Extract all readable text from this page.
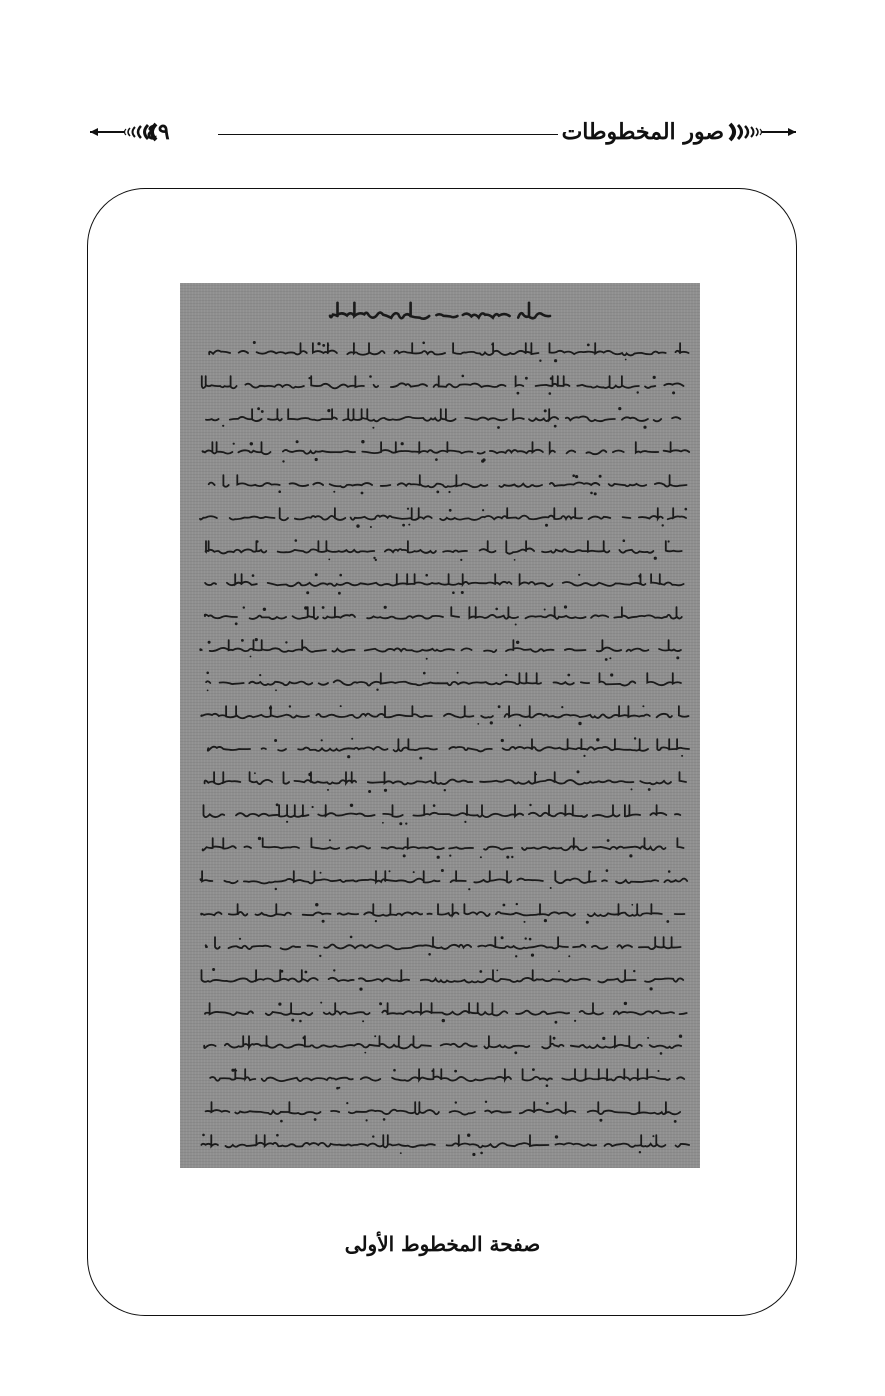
٤٩	صور المخطوطات
صفحة المخطوط الأولى
